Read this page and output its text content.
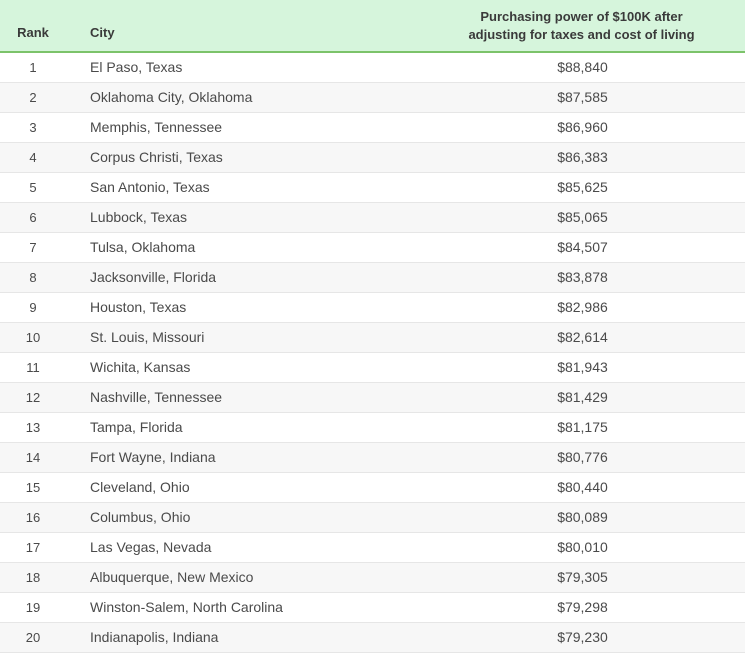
Rank	City	Purchasing power of $100K after
adjusting for taxes and cost of living
1	El Paso, Texas	$88,840
2	Oklahoma City, Oklahoma	$87,585
3	Memphis, Tennessee	$86,960
4	Corpus Christi, Texas	$86,383
5	San Antonio, Texas	$85,625
6	Lubbock, Texas	$85,065
7	Tulsa, Oklahoma	$84,507
8	Jacksonville, Florida	$83,878
9	Houston, Texas	$82,986
10	St. Louis, Missouri	$82,614
11	Wichita, Kansas	$81,943
12	Nashville, Tennessee	$81,429
13	Tampa, Florida	$81,175
14	Fort Wayne, Indiana	$80,776
15	Cleveland, Ohio	$80,440
16	Columbus, Ohio	$80,089
17	Las Vegas, Nevada	$80,010
18	Albuquerque, New Mexico	$79,305
19	Winston-Salem, North Carolina	$79,298
20	Indianapolis, Indiana	$79,230
